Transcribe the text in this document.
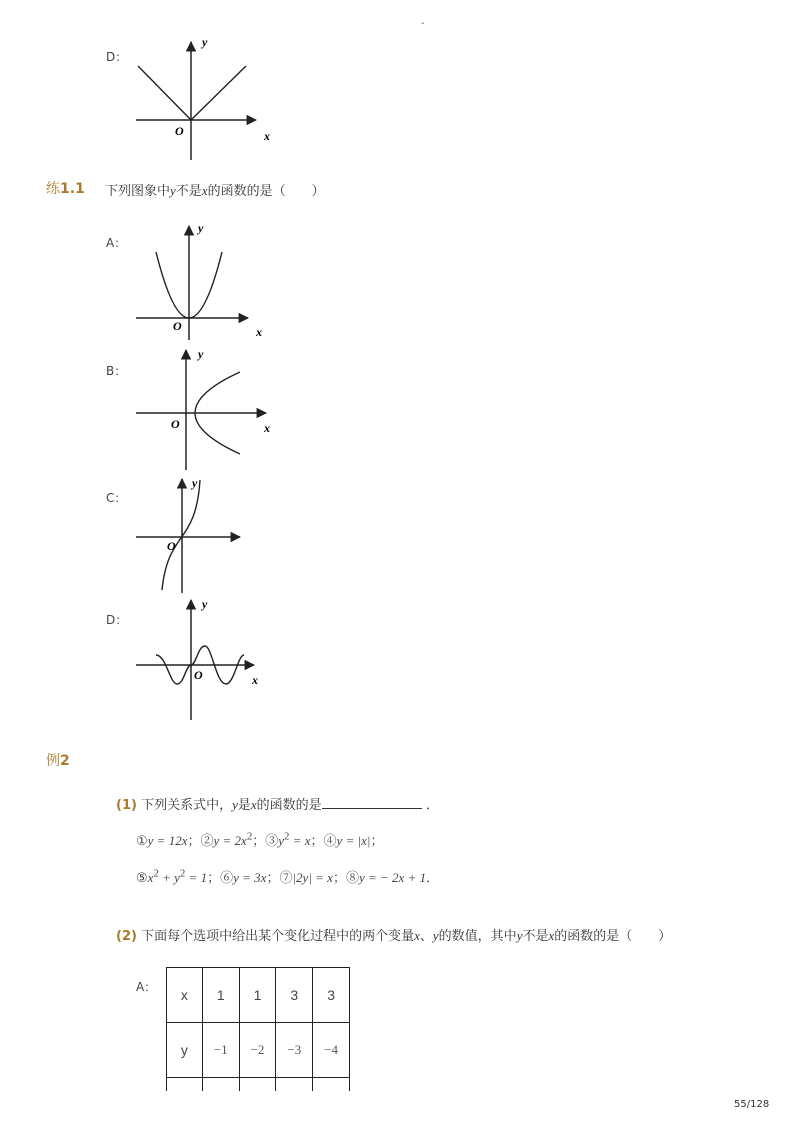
-
D：
y
x
O
练1.1 下列图象中y不是x的函数的是（　　）
A：
y
x
O
B：
y
x
O
C：
y
O
D：
y
x
O
例2
(1) 下列关系式中，y是x的函数的是	．
①y = 12x；②y = $2x^2$；$③y^2 = x$；④y = |x|；
$⑤x^2 + y^2 = 1$；⑥y = 3x；⑦|2y| = x；⑧y = − 2x + 1．
(2) 下面每个选项中给出某个变化过程中的两个变量x、y的数值，其中y不是x的函数的是（　　）
A： x	1	1	3	3
y	−1	−2	−3	−4

55/128
